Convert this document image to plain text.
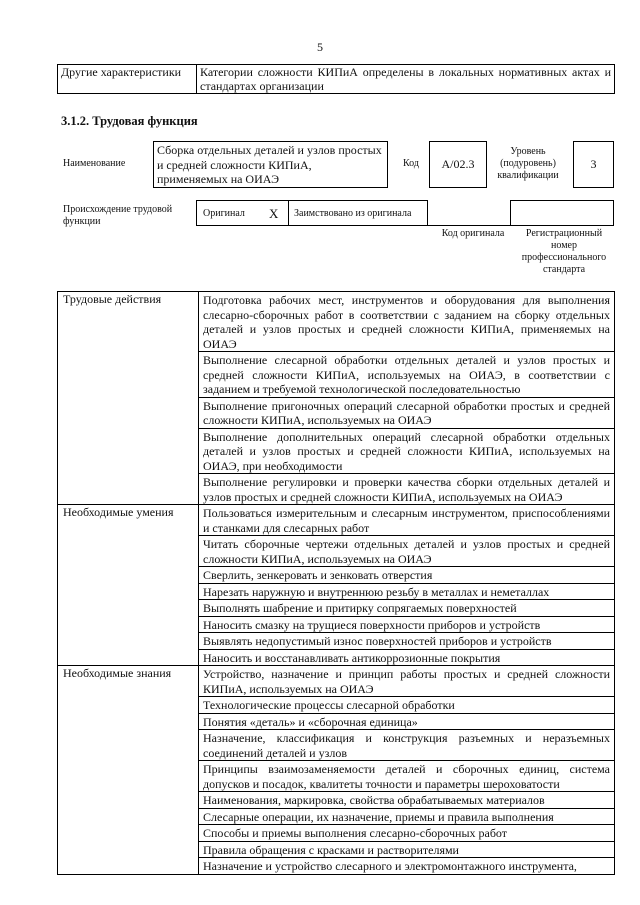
5
Другие характеристики	Категории сложности КИПиА определены в локальных нормативных актах и стандартах организации
3.1.2. Трудовая функция
Наименование
Сборка отдельных деталей и узлов простых и средней сложности КИПиА, применяемых на ОИАЭ
Код	А/02.3
Уровень (подуровень) квалификации
3
Происхождение трудовой функции
Оригинал X	Заимствовано из оригинала
Код оригинала	Регистрационный номер профессионального стандарта
Трудовые действия	Подготовка рабочих мест, инструментов и оборудования для выполнения слесарно-сборочных работ в соответствии с заданием на сборку отдельных деталей и узлов простых и средней сложности КИПиА, применяемых на ОИАЭ
	Выполнение слесарной обработки отдельных деталей и узлов простых и средней сложности КИПиА, используемых на ОИАЭ, в соответствии с заданием и требуемой технологической последовательностью
	Выполнение пригоночных операций слесарной обработки простых и средней сложности КИПиА, используемых на ОИАЭ
	Выполнение дополнительных операций слесарной обработки отдельных деталей и узлов простых и средней сложности КИПиА, используемых на ОИАЭ, при необходимости
	Выполнение регулировки и проверки качества сборки отдельных деталей и узлов простых и средней сложности КИПиА, используемых на ОИАЭ
Необходимые умения	Пользоваться измерительным и слесарным инструментом, приспособлениями и станками для слесарных работ
	Читать сборочные чертежи отдельных деталей и узлов простых и средней сложности КИПиА, используемых на ОИАЭ
	Сверлить, зенкеровать и зенковать отверстия
	Нарезать наружную и внутреннюю резьбу в металлах и неметаллах
	Выполнять шабрение и притирку сопрягаемых поверхностей
	Наносить смазку на трущиеся поверхности приборов и устройств
	Выявлять недопустимый износ поверхностей приборов и устройств
	Наносить и восстанавливать антикоррозионные покрытия
Необходимые знания	Устройство, назначение и принцип работы простых и средней сложности КИПиА, используемых на ОИАЭ
	Технологические процессы слесарной обработки
	Понятия «деталь» и «сборочная единица»
	Назначение, классификация и конструкция разъемных и неразъемных соединений деталей и узлов
	Принципы взаимозаменяемости деталей и сборочных единиц, система допусков и посадок, квалитеты точности и параметры шероховатости
	Наименования, маркировка, свойства обрабатываемых материалов
	Слесарные операции, их назначение, приемы и правила выполнения
	Способы и приемы выполнения слесарно-сборочных работ
	Правила обращения с красками и растворителями
	Назначение и устройство слесарного и электромонтажного инструмента,
